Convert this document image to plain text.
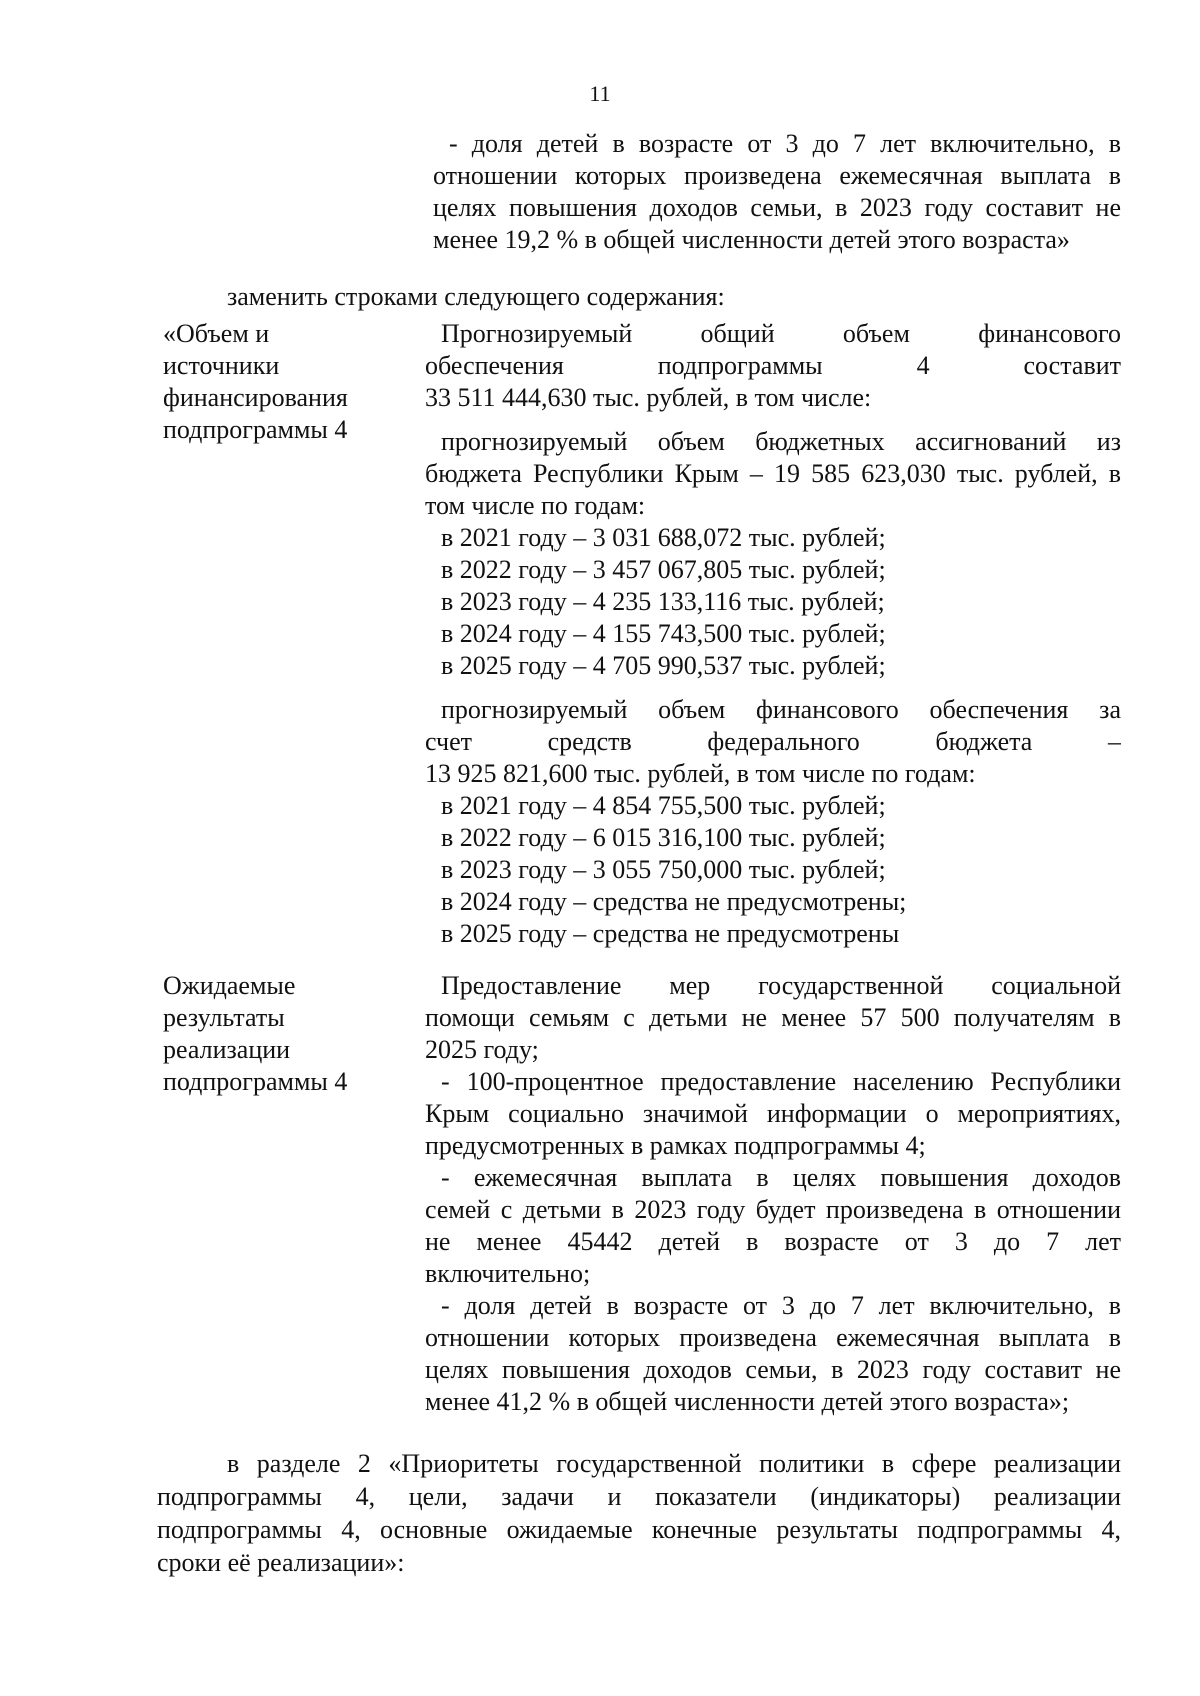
11
- доля детей в возрасте от 3 до 7 лет включительно, в
отношении которых произведена ежемесячная выплата в
целях повышения доходов семьи, в 2023 году составит не
менее 19,2 % в общей численности детей этого возраста»
заменить строками следующего содержания:
«Объем и
источники
финансирования
подпрограммы 4
Прогнозируемый общий объем финансового
обеспечения подпрограммы 4 составит
33 511 444,630 тыс. рублей, в том числе:
прогнозируемый объем бюджетных ассигнований из
бюджета Республики Крым – 19 585 623,030 тыс. рублей, в
том числе по годам:
в 2021 году – 3 031 688,072 тыс. рублей;
в 2022 году – 3 457 067,805 тыс. рублей;
в 2023 году – 4 235 133,116 тыс. рублей;
в 2024 году – 4 155 743,500 тыс. рублей;
в 2025 году – 4 705 990,537 тыс. рублей;
прогнозируемый объем финансового обеспечения за
счет средств федерального бюджета –
13 925 821,600 тыс. рублей, в том числе по годам:
в 2021 году – 4 854 755,500 тыс. рублей;
в 2022 году – 6 015 316,100 тыс. рублей;
в 2023 году – 3 055 750,000 тыс. рублей;
в 2024 году – средства не предусмотрены;
в 2025 году – средства не предусмотрены
Ожидаемые
результаты
реализации
подпрограммы 4
Предоставление мер государственной социальной
помощи семьям с детьми не менее 57 500 получателям в
2025 году;
- 100-процентное предоставление населению Республики
Крым социально значимой информации о мероприятиях,
предусмотренных в рамках подпрограммы 4;
- ежемесячная выплата в целях повышения доходов
семей с детьми в 2023 году будет произведена в отношении
не менее 45442 детей в возрасте от 3 до 7 лет
включительно;
- доля детей в возрасте от 3 до 7 лет включительно, в
отношении которых произведена ежемесячная выплата в
целях повышения доходов семьи, в 2023 году составит не
менее 41,2 % в общей численности детей этого возраста»;
в разделе 2 «Приоритеты государственной политики в сфере реализации
подпрограммы 4, цели, задачи и показатели (индикаторы) реализации
подпрограммы 4, основные ожидаемые конечные результаты подпрограммы 4,
сроки её реализации»:
